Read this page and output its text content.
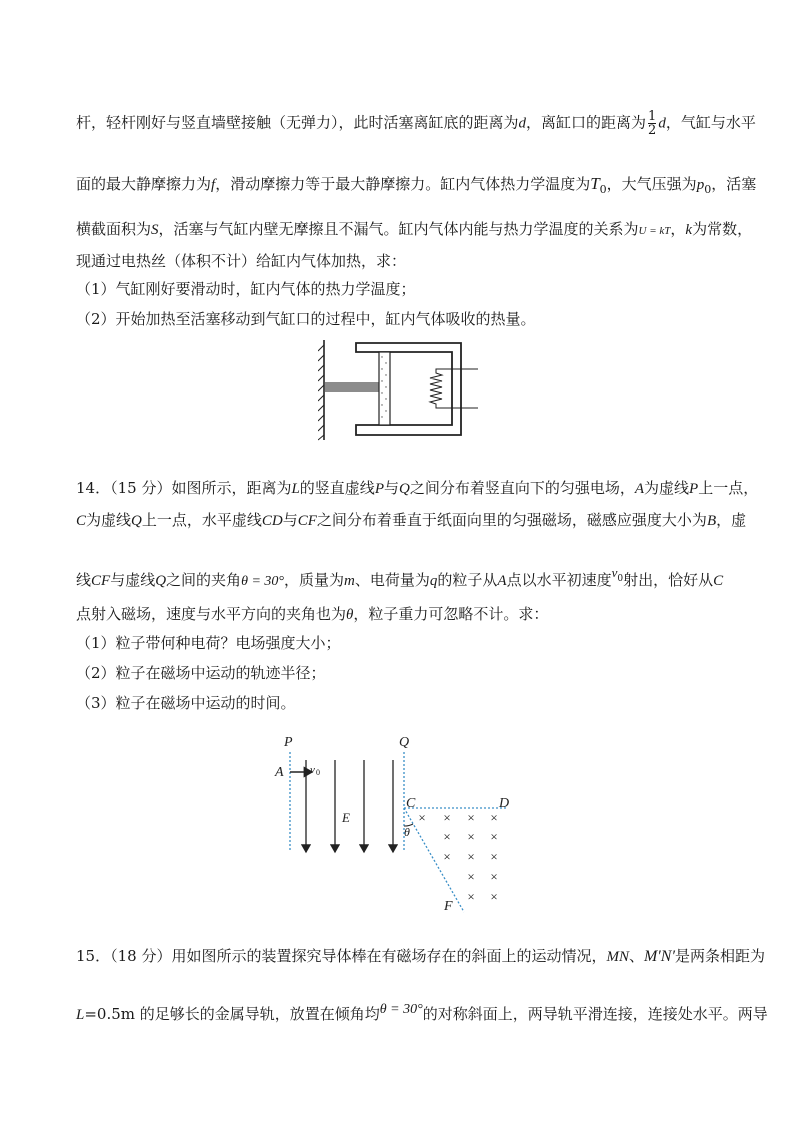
杆，轻杆刚好与竖直墙壁接触（无弹力），此时活塞离缸底的距离为d，离缸口的距离为 $\frac{1}{2}$ d，气缸与水平
面的最大静摩擦力为f，滑动摩擦力等于最大静摩擦力。缸内气体热力学温度为$T_0$，大气压强为$p_0$，活塞
横截面积为S，活塞与气缸内壁无摩擦且不漏气。缸内气体内能与热力学温度的关系为U = kT，k为常数，
现通过电热丝（体积不计）给缸内气体加热，求：
（1）气缸刚好要滑动时，缸内气体的热力学温度；
（2）开始加热至活塞移动到气缸口的过程中，缸内气体吸收的热量。
14．（15 分）如图所示，距离为L的竖直虚线P与Q之间分布着竖直向下的匀强电场，A为虚线P上一点，
C为虚线Q上一点，水平虚线CD与CF之间分布着垂直于纸面向里的匀强磁场，磁感应强度大小为B，虚
线CF与虚线Q之间的夹角θ = 30°，质量为m、电荷量为q的粒子从A点以水平初速度$v^0$射出，恰好从C
点射入磁场，速度与水平方向的夹角也为θ，粒子重力可忽略不计。求：
（1）粒子带何种电荷？电场强度大小；
（2）粒子在磁场中运动的轨迹半径；
（3）粒子在磁场中运动的时间。
P	Q
A v 0
E
C	D
F
θ
× × × ×
× × ×
× × ×
× ×
× ×
15．（18 分）用如图所示的装置探究导体棒在有磁场存在的斜面上的运动情况，MN、M′N′是两条相距为
L=0.5m 的足够长的金属导轨，放置在倾角均θ = 30°的对称斜面上，两导轨平滑连接，连接处水平。两导
